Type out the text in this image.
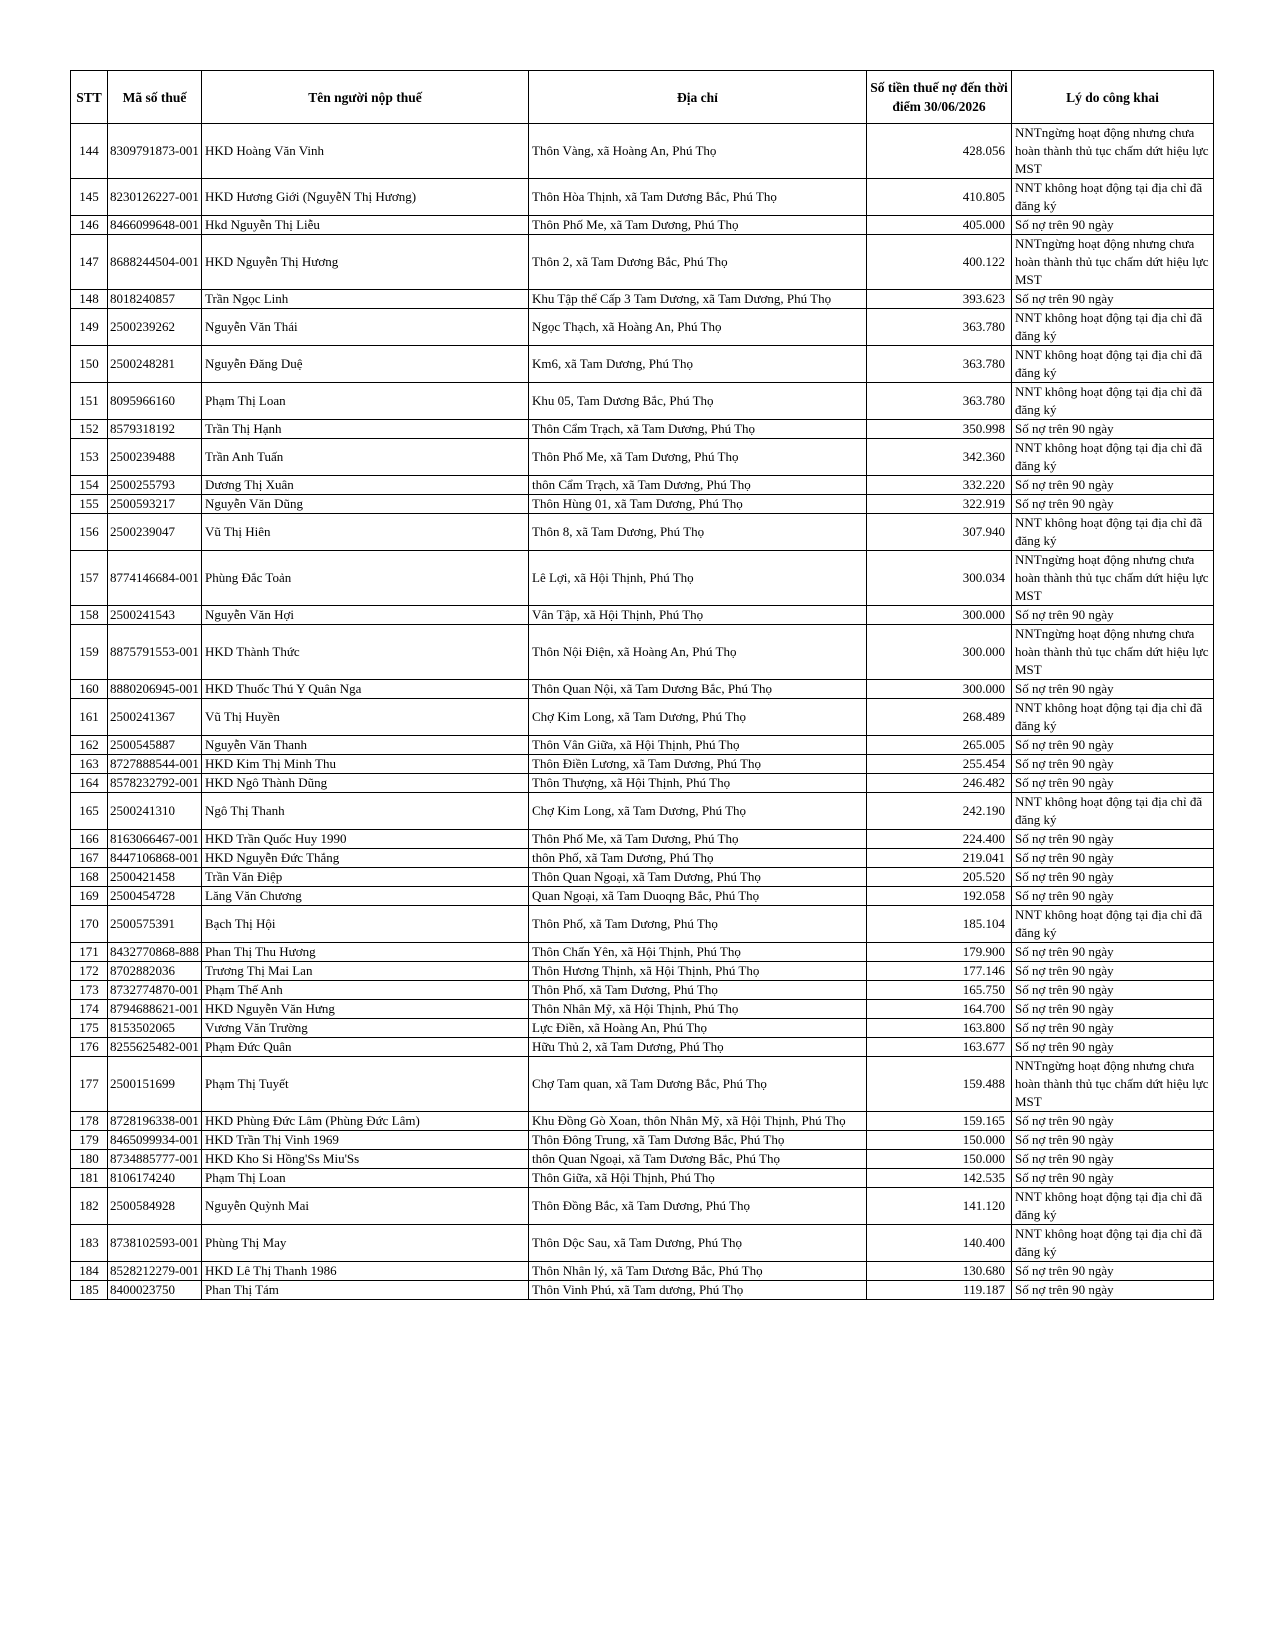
STT	Mã số thuế	Tên người nộp thuế	Địa chỉ	Số tiền thuế nợ đến thời điểm 30/06/2026	Lý do công khai
144	8309791873-001	HKD Hoàng Văn Vinh	Thôn Vàng, xã Hoàng An, Phú Thọ	428.056	NNTngừng hoạt động nhưng chưa hoàn thành thủ tục chấm dứt hiệu lực MST
145	8230126227-001	HKD Hương Giới (NguyễN Thị Hương)	Thôn Hòa Thịnh, xã Tam Dương Bắc, Phú Thọ	410.805	NNT không hoạt động tại địa chỉ đã đăng ký
146	8466099648-001	Hkd Nguyễn Thị Liễu	Thôn Phố Me, xã Tam Dương, Phú Thọ	405.000	Số nợ trên 90 ngày
147	8688244504-001	HKD Nguyễn Thị Hương	Thôn 2, xã Tam Dương Bắc, Phú Thọ	400.122	NNTngừng hoạt động nhưng chưa hoàn thành thủ tục chấm dứt hiệu lực MST
148	8018240857	Trần Ngọc Linh	Khu Tập thể Cấp 3 Tam Dương, xã Tam Dương, Phú Thọ	393.623	Số nợ trên 90 ngày
149	2500239262	Nguyễn Văn Thái	Ngọc Thạch, xã Hoàng An, Phú Thọ	363.780	NNT không hoạt động tại địa chỉ đã đăng ký
150	2500248281	Nguyễn Đăng Duệ	Km6, xã Tam Dương, Phú Thọ	363.780	NNT không hoạt động tại địa chỉ đã đăng ký
151	8095966160	Phạm Thị Loan	Khu 05, Tam Dương Bắc, Phú Thọ	363.780	NNT không hoạt động tại địa chỉ đã đăng ký
152	8579318192	Trần Thị Hạnh	Thôn Cẩm Trạch, xã Tam Dương, Phú Thọ	350.998	Số nợ trên 90 ngày
153	2500239488	Trần Anh Tuấn	Thôn Phố Me, xã Tam Dương, Phú Thọ	342.360	NNT không hoạt động tại địa chỉ đã đăng ký
154	2500255793	Dương Thị Xuân	thôn Cẩm Trạch, xã Tam Dương, Phú Thọ	332.220	Số nợ trên 90 ngày
155	2500593217	Nguyễn Văn Dũng	Thôn Hùng 01, xã Tam Dương, Phú Thọ	322.919	Số nợ trên 90 ngày
156	2500239047	Vũ Thị Hiên	Thôn 8, xã Tam Dương, Phú Thọ	307.940	NNT không hoạt động tại địa chỉ đã đăng ký
157	8774146684-001	Phùng Đắc Toản	Lê Lợi, xã Hội Thịnh, Phú Thọ	300.034	NNTngừng hoạt động nhưng chưa hoàn thành thủ tục chấm dứt hiệu lực MST
158	2500241543	Nguyễn Văn Hợi	Vân Tập, xã Hội Thịnh, Phú Thọ	300.000	Số nợ trên 90 ngày
159	8875791553-001	HKD Thành Thức	Thôn Nội Điện, xã Hoàng An, Phú Thọ	300.000	NNTngừng hoạt động nhưng chưa hoàn thành thủ tục chấm dứt hiệu lực MST
160	8880206945-001	HKD Thuốc Thú Y Quân Nga	Thôn Quan Nội, xã Tam Dương Bắc, Phú Thọ	300.000	Số nợ trên 90 ngày
161	2500241367	Vũ Thị Huyền	Chợ Kim Long, xã Tam Dương, Phú Thọ	268.489	NNT không hoạt động tại địa chỉ đã đăng ký
162	2500545887	Nguyễn Văn Thanh	Thôn Vân Giữa, xã Hội Thịnh, Phú Thọ	265.005	Số nợ trên 90 ngày
163	8727888544-001	HKD Kim Thị Minh Thu	Thôn Điền Lương, xã Tam Dương, Phú Thọ	255.454	Số nợ trên 90 ngày
164	8578232792-001	HKD Ngô Thành Dũng	Thôn Thượng, xã Hội Thịnh, Phú Thọ	246.482	Số nợ trên 90 ngày
165	2500241310	Ngô Thị Thanh	Chợ Kim Long, xã Tam Dương, Phú Thọ	242.190	NNT không hoạt động tại địa chỉ đã đăng ký
166	8163066467-001	HKD Trần Quốc Huy 1990	Thôn Phố Me, xã Tam Dương, Phú Thọ	224.400	Số nợ trên 90 ngày
167	8447106868-001	HKD Nguyễn Đức Thắng	thôn Phố, xã Tam Dương, Phú Thọ	219.041	Số nợ trên 90 ngày
168	2500421458	Trần Văn Điệp	Thôn Quan Ngoại, xã Tam Dương, Phú Thọ	205.520	Số nợ trên 90 ngày
169	2500454728	Lăng Văn Chương	Quan Ngoại, xã Tam Duoqng Bắc, Phú Thọ	192.058	Số nợ trên 90 ngày
170	2500575391	Bạch Thị Hội	Thôn Phố, xã Tam Dương, Phú Thọ	185.104	NNT không hoạt động tại địa chỉ đã đăng ký
171	8432770868-888	Phan Thị Thu Hương	Thôn Chấn Yên, xã Hội Thịnh, Phú Thọ	179.900	Số nợ trên 90 ngày
172	8702882036	Trương Thị Mai Lan	Thôn Hương Thịnh, xã Hội Thịnh, Phú Thọ	177.146	Số nợ trên 90 ngày
173	8732774870-001	Phạm Thế Anh	Thôn Phố, xã Tam Dương, Phú Thọ	165.750	Số nợ trên 90 ngày
174	8794688621-001	HKD Nguyễn Văn Hưng	Thôn Nhân Mỹ, xã Hội Thịnh, Phú Thọ	164.700	Số nợ trên 90 ngày
175	8153502065	Vương Văn Trường	Lực Điền, xã Hoàng An, Phú Thọ	163.800	Số nợ trên 90 ngày
176	8255625482-001	Phạm Đức Quân	Hữu Thủ 2, xã Tam Dương, Phú Thọ	163.677	Số nợ trên 90 ngày
177	2500151699	Phạm Thị Tuyết	Chợ Tam quan, xã Tam Dương Bắc, Phú Thọ	159.488	NNTngừng hoạt động nhưng chưa hoàn thành thủ tục chấm dứt hiệu lực MST
178	8728196338-001	HKD Phùng Đức Lâm (Phùng Đức Lâm)	Khu Đồng Gò Xoan, thôn Nhân Mỹ, xã Hội Thịnh, Phú Thọ	159.165	Số nợ trên 90 ngày
179	8465099934-001	HKD Trần Thị Vinh 1969	Thôn Đông Trung, xã Tam Dương Bắc, Phú Thọ	150.000	Số nợ trên 90 ngày
180	8734885777-001	HKD Kho Si Hồng'Ss Miu'Ss	thôn Quan Ngoại, xã Tam Dương Bắc, Phú Thọ	150.000	Số nợ trên 90 ngày
181	8106174240	Phạm Thị Loan	Thôn Giữa, xã Hội Thịnh, Phú Thọ	142.535	Số nợ trên 90 ngày
182	2500584928	Nguyễn Quỳnh Mai	Thôn Đồng Bắc, xã Tam Dương, Phú Thọ	141.120	NNT không hoạt động tại địa chỉ đã đăng ký
183	8738102593-001	Phùng Thị May	Thôn Dộc Sau, xã Tam Dương, Phú Thọ	140.400	NNT không hoạt động tại địa chỉ đã đăng ký
184	8528212279-001	HKD Lê Thị Thanh 1986	Thôn Nhân lý, xã Tam Dương Bắc, Phú Thọ	130.680	Số nợ trên 90 ngày
185	8400023750	Phan Thị Tám	Thôn Vinh Phú, xã Tam dương, Phú Thọ	119.187	Số nợ trên 90 ngày
